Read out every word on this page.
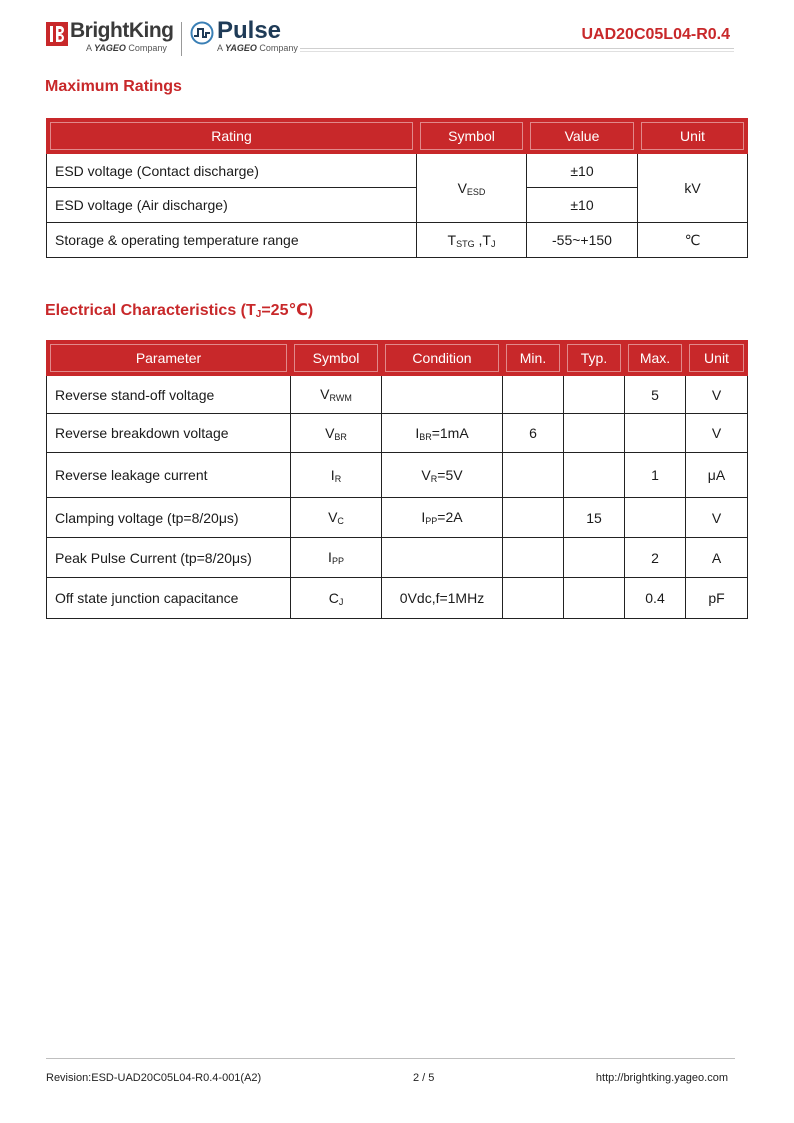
BrightKing
A YAGEO Company
Pulse
A YAGEO Company
UAD20C05L04-R0.4
Maximum Ratings
Rating	Symbol	Value	Unit
ESD voltage (Contact discharge)	$V_{ESD}$	±10	kV
ESD voltage (Air discharge)		±10	
Storage & operating temperature range	$T_{STG}$ $,T_J$	-55~+150	℃
Electrical Characteristics $(T_J=25℃)$
Parameter	Symbol	Condition	Min.	Typ.	Max.	Unit
Reverse stand-off voltage	$V_{RWM}$				5	V
Reverse breakdown voltage	$V_{BR}$	$I_{BR}=1mA$	6			V
Reverse leakage current	$I_R$	$V_R=5V$			1	μA
Clamping voltage (tp=8/20μs)	$V_C$	$I_{PP}=2A$		15		V
Peak Pulse Current (tp=8/20μs)	$I_{PP}$				2	A
Off state junction capacitance	$C_J$	0Vdc,f=1MHz			0.4	pF
Revision:ESD-UAD20C05L04-R0.4-001(A2)	2 / 5	http://brightking.yageo.com
